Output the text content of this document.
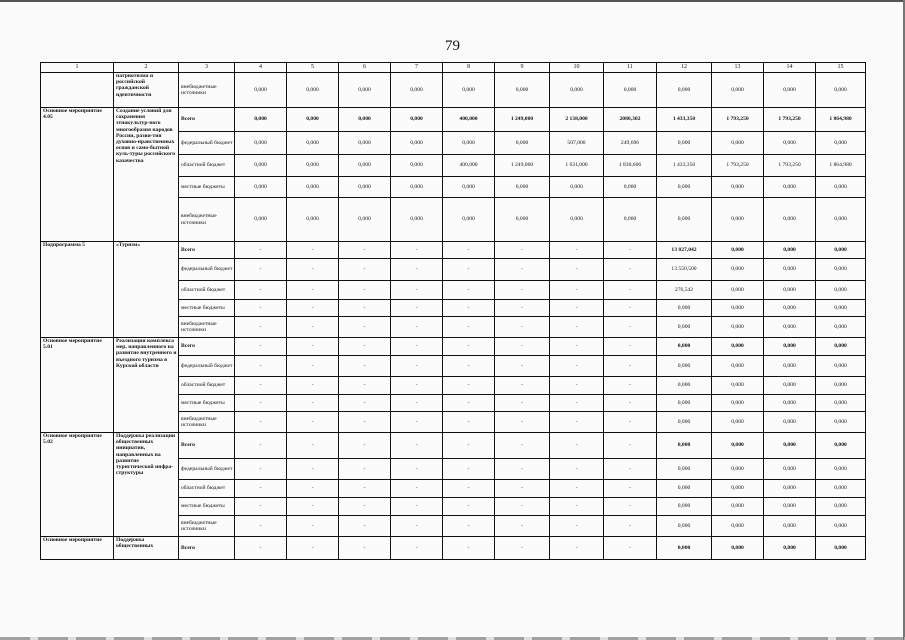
79
1	2	3	4	5	6	7	8	9	10	11	12	13	14	15
	патриотизма и российской гражданской идентичности	внебюджетные источники	0,000	0,000	0,000	0,000	0,000	0,000	0,000	0,000	0,000	0,000	0,000	0,000
Основное мероприятие 4.05	Создание условий для сохранения этнокультур-ного многообразия народов России, разви-тия духовно-нравственных основ и само-бытной куль-туры российского казачества	Всего	0,000	0,000	0,000	0,000	400,000	1 249,000	2 138,000	2080,302	1 433,350	1 793,250	1 793,250	1 864,980
		федеральный бюджет	0,000	0,000	0,000	0,000	0,000	0,000	507,000	249,696	0,000	0,000	0,000	0,000
		областной бюджет	0,000	0,000	0,000	0,000	400,000	1 249,000	1 631,000	1 830,606	1 433,350	1 793,250	1 793,250	1 864,980
		местные бюджеты	0,000	0,000	0,000	0,000	0,000	0,000	0,000	0,000	0,000	0,000	0,000	0,000
		внебюджетные источники	0,000	0,000	0,000	0,000	0,000	0,000	0,000	0,000	0,000	0,000	0,000	0,000
Подпрограмма 5	«Туризм»	Всего	-	-	-	-	-	-	-	-	13 827,042	0,000	0,000	0,000
		федеральный бюджет	-	-	-	-	-	-	-	-	13 550,500	0,000	0,000	0,000
		областной бюджет	-	-	-	-	-	-	-	-	276,542	0,000	0,000	0,000
		местные бюджеты	-	-	-	-	-	-	-	-	0,000	0,000	0,000	0,000
		внебюджетные источники	-	-	-	-	-	-	-	-	0,000	0,000	0,000	0,000
Основное мероприятие 5.01	Реализация комплекса мер, направленного на развитие внутреннего и въездного туризма в Курской области	Всего	-	-	-	-	-	-	-	-	0,000	0,000	0,000	0,000
		федеральный бюджет	-	-	-	-	-	-	-	-	0,000	0,000	0,000	0,000
		областной бюджет	-	-	-	-	-	-	-	-	0,000	0,000	0,000	0,000
		местные бюджеты	-	-	-	-	-	-	-	-	0,000	0,000	0,000	0,000
		внебюджетные источники	-	-	-	-	-	-	-	-	0,000	0,000	0,000	0,000
Основное мероприятие 5.02	Поддержка реализации общественных инициатив, направленных на развитие туристической инфра-структуры	Всего	-	-	-	-	-	-	-	-	0,000	0,000	0,000	0,000
		федеральный бюджет	-	-	-	-	-	-	-	-	0,000	0,000	0,000	0,000
		областной бюджет	-	-	-	-	-	-	-	-	0,000	0,000	0,000	0,000
		местные бюджеты	-	-	-	-	-	-	-	-	0,000	0,000	0,000	0,000
		внебюджетные источники	-	-	-	-	-	-	-	-	0,000	0,000	0,000	0,000
Основное мероприятие	Поддержка общественных	Всего	-	-	-	-	-	-	-	-	0,000	0,000	0,000	0,000
